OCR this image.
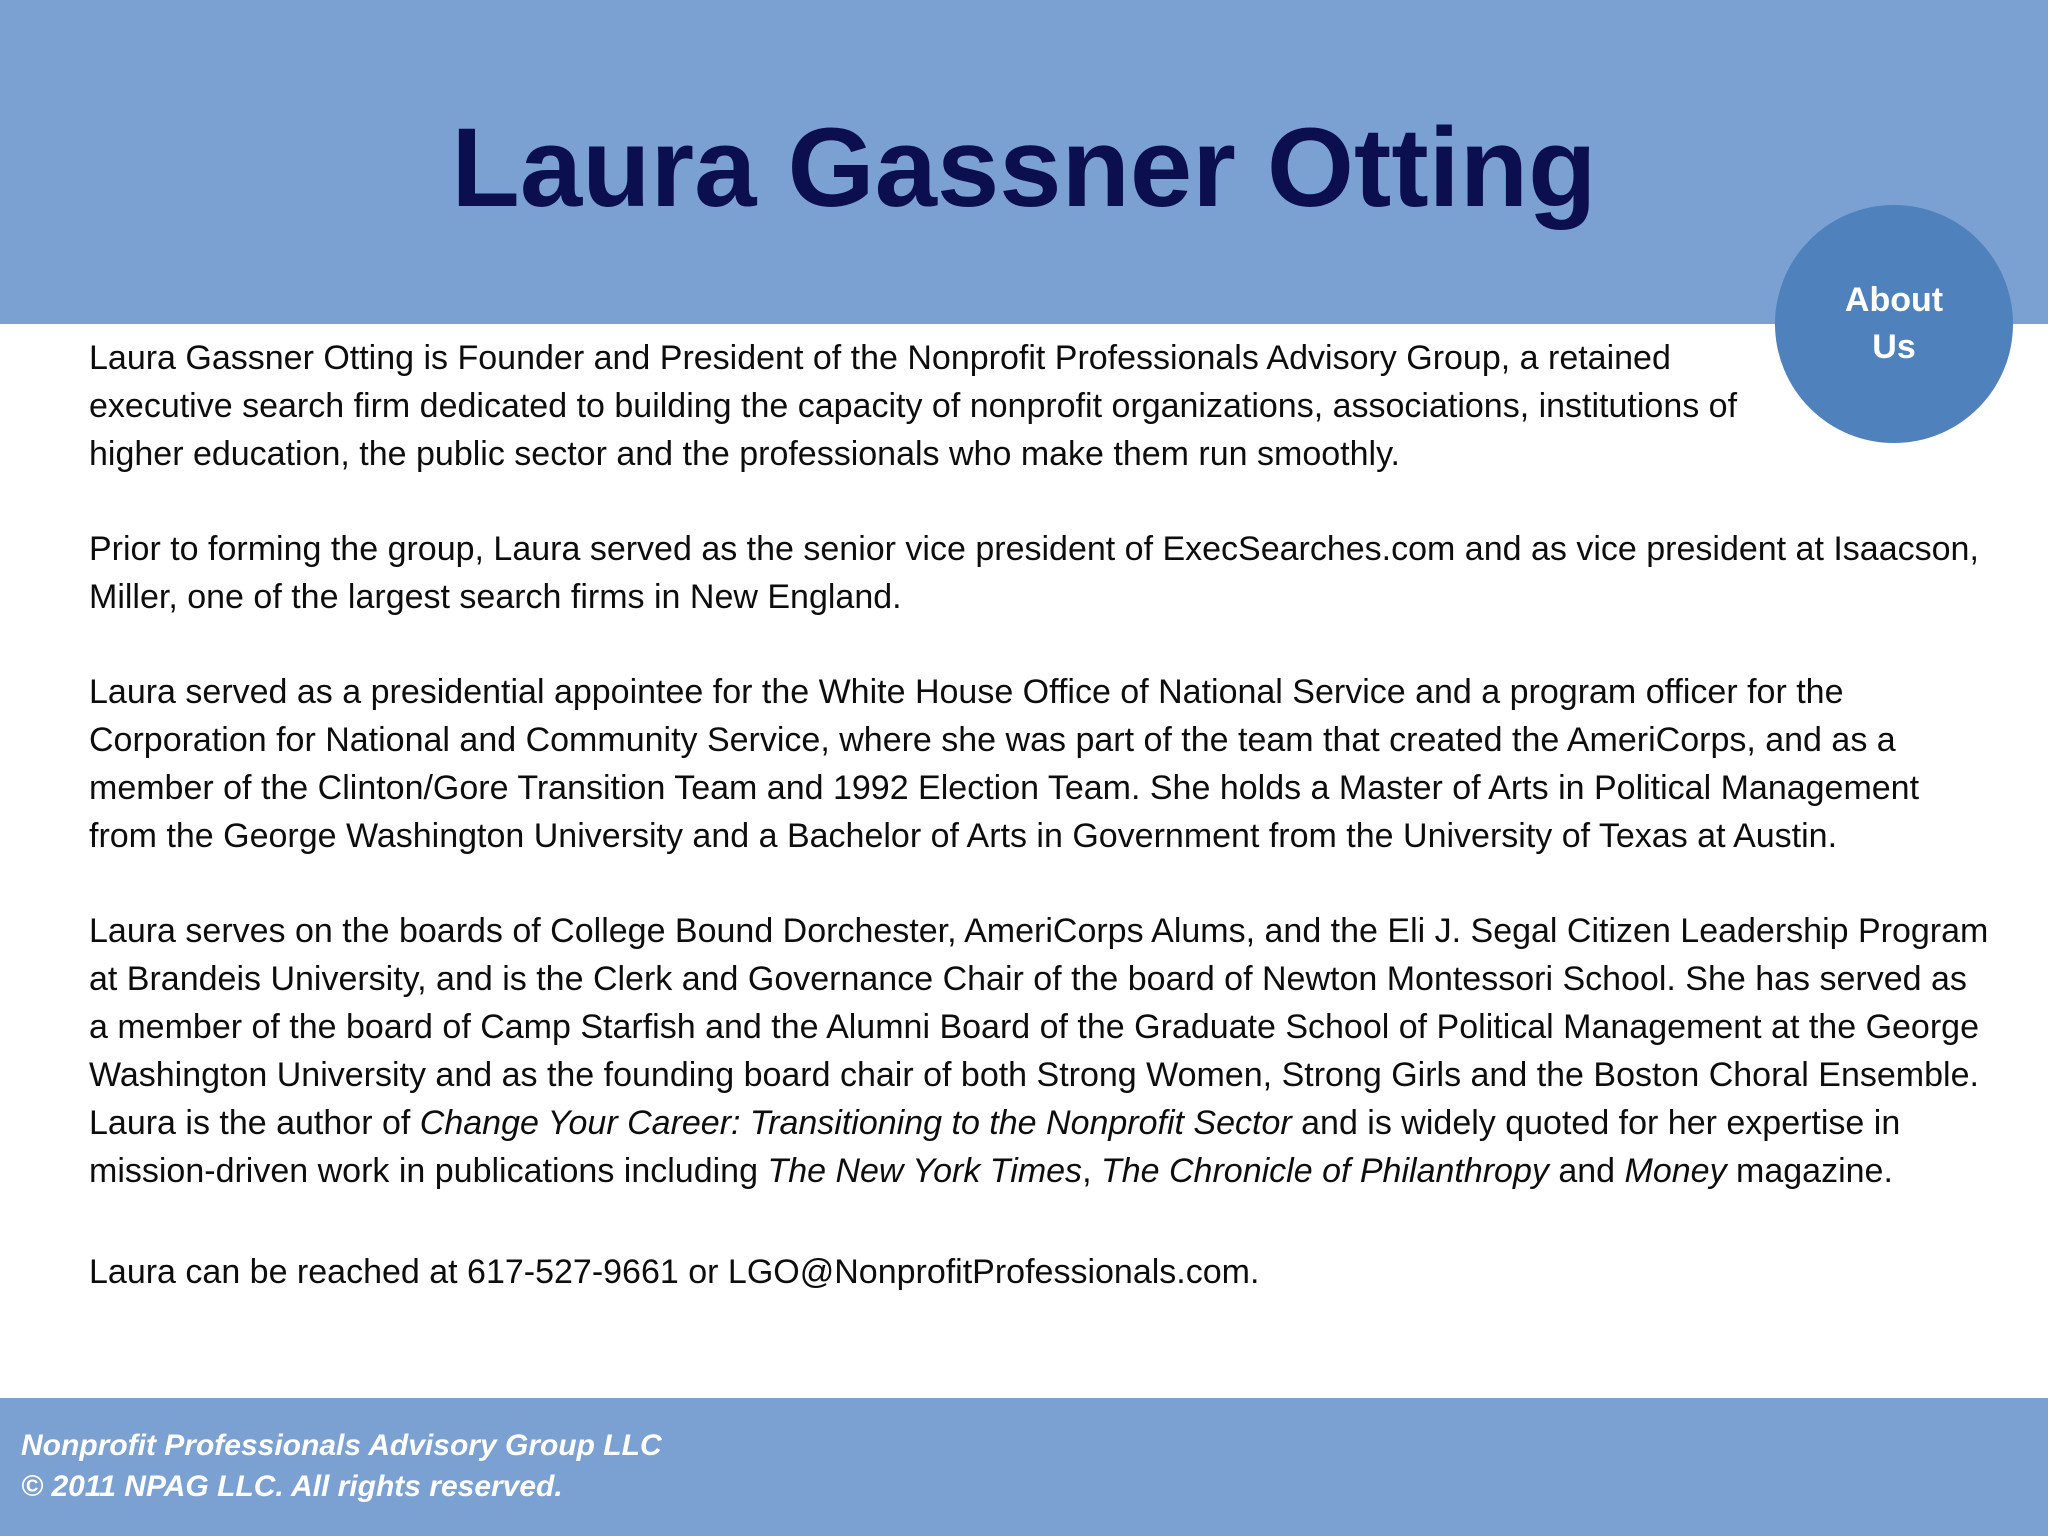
Laura Gassner Otting
About
Us

Laura Gassner Otting is Founder and President of the Nonprofit Professionals Advisory Group, a retained executive search firm dedicated to building the capacity of nonprofit organizations, associations, institutions of higher education, the public sector and the professionals who make them run smoothly.

Prior to forming the group, Laura served as the senior vice president of ExecSearches.com and as vice president at Isaacson, Miller, one of the largest search firms in New England.

Laura served as a presidential appointee for the White House Office of National Service and a program officer for the Corporation for National and Community Service, where she was part of the team that created the AmeriCorps, and as a member of the Clinton/Gore Transition Team and 1992 Election Team. She holds a Master of Arts in Political Management from the George Washington University and a Bachelor of Arts in Government from the University of Texas at Austin.

Laura serves on the boards of College Bound Dorchester, AmeriCorps Alums, and the Eli J. Segal Citizen Leadership Program at Brandeis University, and is the Clerk and Governance Chair of the board of Newton Montessori School. She has served as a member of the board of Camp Starfish and the Alumni Board of the Graduate School of Political Management at the George Washington University and as the founding board chair of both Strong Women, Strong Girls and the Boston Choral Ensemble. Laura is the author of Change Your Career: Transitioning to the Nonprofit Sector and is widely quoted for her expertise in mission-driven work in publications including The New York Times, The Chronicle of Philanthropy and Money magazine.

Laura can be reached at 617-527-9661 or LGO@NonprofitProfessionals.com.

Nonprofit Professionals Advisory Group LLC
© 2011 NPAG LLC. All rights reserved.
